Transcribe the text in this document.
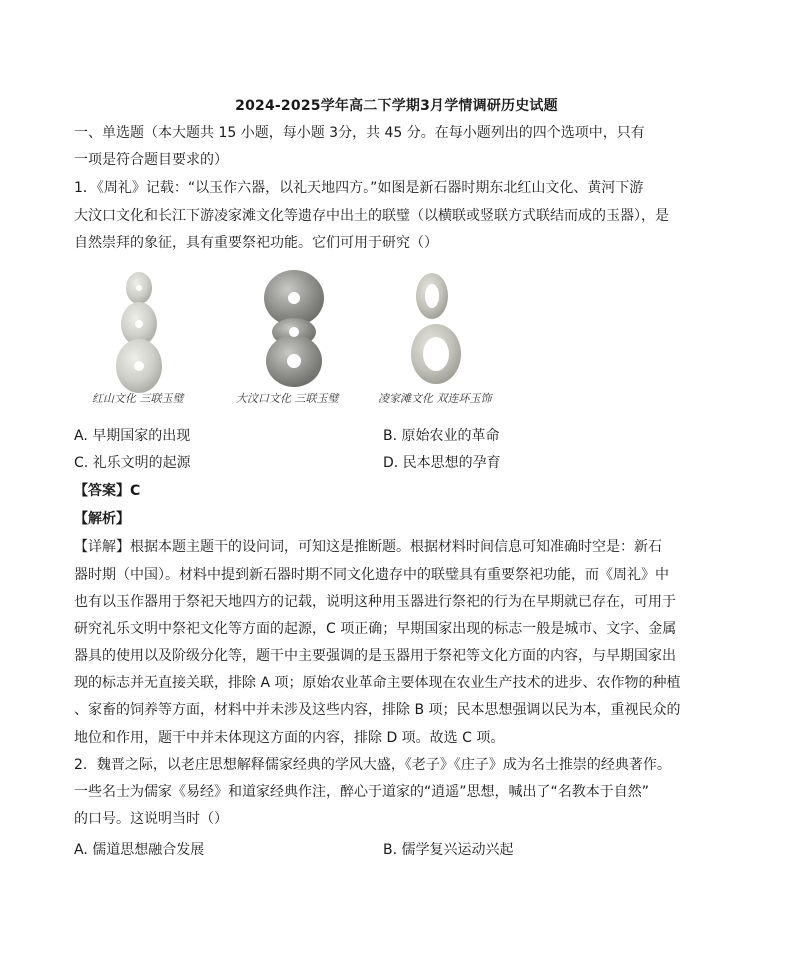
2024-2025学年高二下学期3月学情调研历史试题
一、单选题（本大题共 15 小题，每小题 3分，共 45 分。在每小题列出的四个选项中，只有
一项是符合题目要求的）
1．《周礼》记载：“以玉作六器，以礼天地四方。”如图是新石器时期东北红山文化、黄河下游
大汶口文化和长江下游凌家滩文化等遗存中出土的联璧（以横联或竖联方式联结而成的玉器），是
自然崇拜的象征，具有重要祭祀功能。它们可用于研究（）
红山文化 三联玉璧	大汶口文化 三联玉璧	凌家滩文化 双连环玉饰
A. 早期国家的出现	B. 原始农业的革命
C. 礼乐文明的起源	D. 民本思想的孕育
【答案】C
【解析】
【详解】根据本题主题干的设问词，可知这是推断题。根据材料时间信息可知准确时空是：新石
器时期（中国）。材料中提到新石器时期不同文化遗存中的联璧具有重要祭祀功能，而《周礼》中
也有以玉作器用于祭祀天地四方的记载，说明这种用玉器进行祭祀的行为在早期就已存在，可用于
研究礼乐文明中祭祀文化等方面的起源，C 项正确；早期国家出现的标志一般是城市、文字、金属
器具的使用以及阶级分化等，题干中主要强调的是玉器用于祭祀等文化方面的内容，与早期国家出
现的标志并无直接关联，排除 A 项；原始农业革命主要体现在农业生产技术的进步、农作物的种植
、家畜的饲养等方面，材料中并未涉及这些内容，排除 B 项；民本思想强调以民为本，重视民众的
地位和作用，题干中并未体现这方面的内容，排除 D 项。故选 C 项。
2．魏晋之际，以老庄思想解释儒家经典的学风大盛，《老子》《庄子》成为名士推崇的经典著作。
一些名士为儒家《易经》和道家经典作注，醉心于道家的“逍遥”思想，喊出了“名教本于自然”
的口号。这说明当时（）
A. 儒道思想融合发展	B. 儒学复兴运动兴起
